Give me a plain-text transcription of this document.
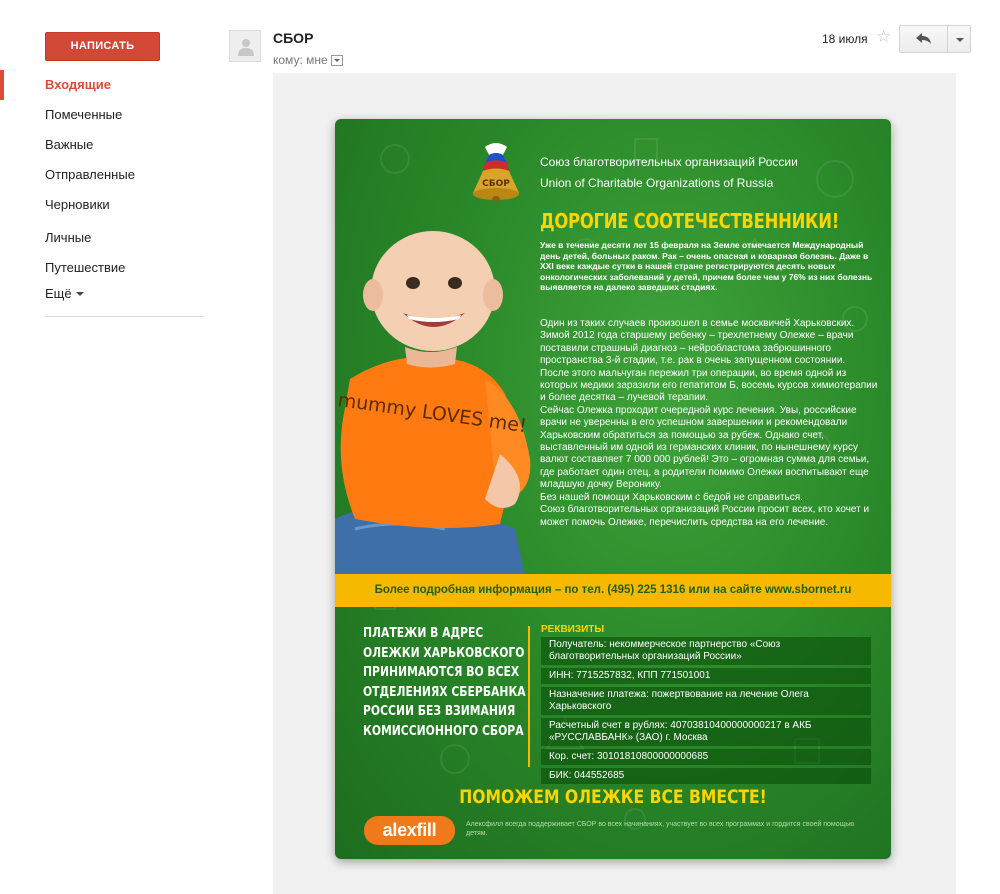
НАПИСАТЬ
Входящие
Помеченные
Важные
Отправленные
Черновики
Личные
Путешествие
Ещё
СБОР
кому: мне
18 июля ☆
СБОР
Союз благотворительных организаций России
Union of Charitable Organizations of Russia
ДОРОГИЕ СООТЕЧЕСТВЕННИКИ!
Уже в течение десяти лет 15 февраля на Земле отмечается Международный день детей, больных раком. Рак – очень опасная и коварная болезнь. Даже в XXI веке каждые сутки в нашей стране регистрируются десять новых онкологических заболеваний у детей, причем более чем у 76% из них болезнь выявляется на далеко заведших стадиях.

Один из таких случаев произошел в семье москвичей Харьковских. Зимой 2012 года старшему ребенку – трехлетнему Олежке – врачи поставили страшный диагноз – нейробластома забрюшинного пространства 3-й стадии, т.е. рак в очень запущенном состоянии.
После этого мальчуган пережил три операции, во время одной из которых медики заразили его гепатитом Б, восемь курсов химиотерапии и более десятка – лучевой терапии.
Сейчас Олежка проходит очередной курс лечения. Увы, российские врачи не уверенны в его успешном завершении и рекомендовали Харьковским обратиться за помощью за рубеж. Однако счет, выставленный им одной из германских клиник, по нынешнему курсу валют составляет 7 000 000 рублей! Это – огромная сумма для семьи, где работает один отец, а родители помимо Олежки воспитывают еще младшую дочку Веронику.
Без нашей помощи Харьковским с бедой не справиться.
Союз благотворительных организаций России просит всех, кто хочет и может помочь Олежке, перечислить средства на его лечение.

mummy LOVES me!
Более подробная информация – по тел. (495) 225 1316 или на сайте www.sbornet.ru
ПЛАТЕЖИ В АДРЕС
ОЛЕЖКИ ХАРЬКОВСКОГО
ПРИНИМАЮТСЯ ВО ВСЕХ
ОТДЕЛЕНИЯХ СБЕРБАНКА
РОССИИ БЕЗ ВЗИМАНИЯ
КОМИССИОННОГО СБОРА
РЕКВИЗИТЫ
Получатель: некоммерческое партнерство «Союз благотворительных организаций России»
ИНН: 7715257832, КПП 771501001
Назначение платежа: пожертвование на лечение Олега Харьковского
Расчетный счет в рублях: 40703810400000000217 в АКБ «РУССЛАВБАНК» (ЗАО) г. Москва
Кор. счет: 30101810800000000685
БИК: 044552685
ПОМОЖЕМ ОЛЕЖКЕ ВСЕ ВМЕСТЕ!
alexfill	Алексфилл всегда поддерживает СБОР во всех начинаниях, участвует во всех программах и гордится своей помощью детям.
